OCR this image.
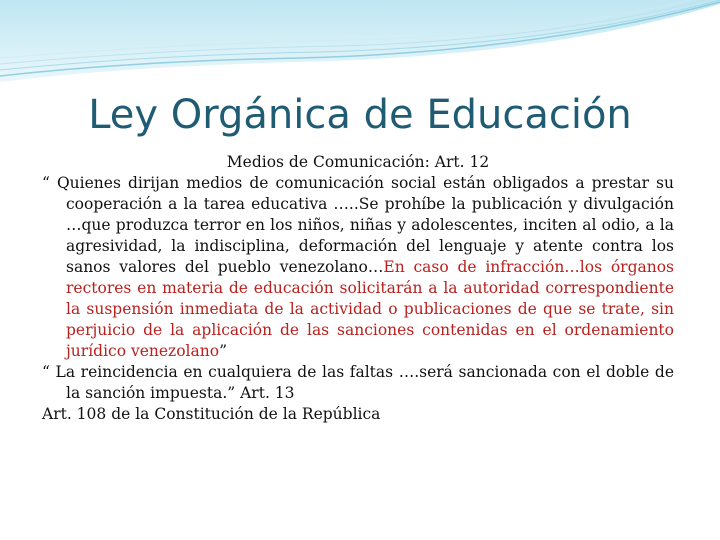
Ley Orgánica de Educación

Medios de Comunicación: Art. 12

“ Quienes dirijan medios de comunicación social están obligados a prestar su cooperación a la tarea educativa …..Se prohíbe la publicación y divulgación …que produzca terror en los niños, niñas y adolescentes, inciten al odio, a la agresividad, la indisciplina, deformación del lenguaje y atente contra los sanos valores del pueblo venezolano…En caso de infracción…los órganos rectores en materia de educación solicitarán a la autoridad correspondiente la suspensión inmediata de la actividad o publicaciones de que se trate, sin perjuicio de la aplicación de las sanciones contenidas en el ordenamiento jurídico venezolano”

“ La reincidencia en cualquiera de las faltas ….será sancionada con el doble de la sanción impuesta.” Art. 13

Art. 108 de la Constitución de la República
